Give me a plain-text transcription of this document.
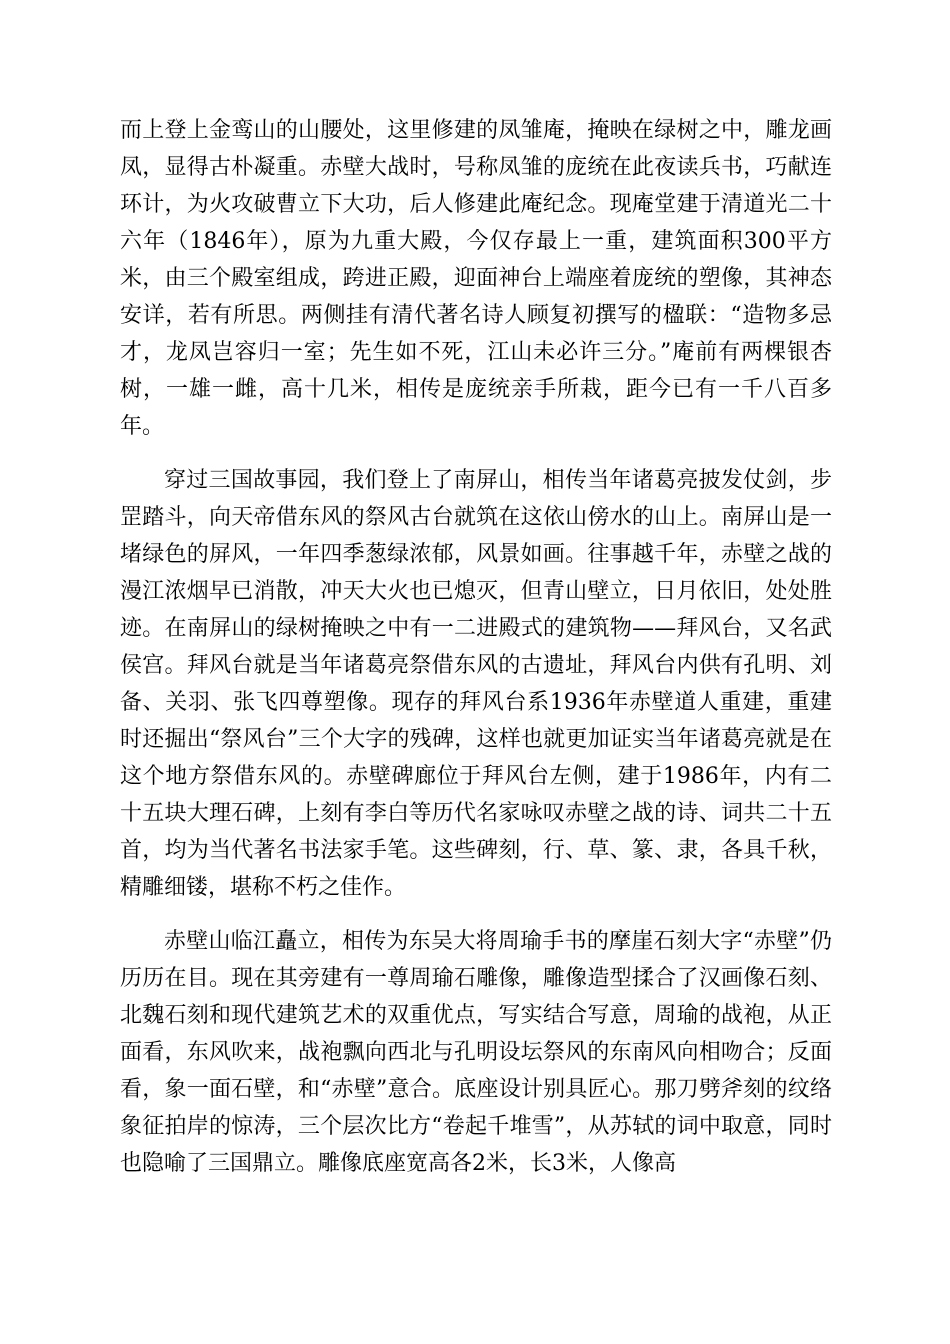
而上登上金鸾山的山腰处，这里修建的凤雏庵，掩映在绿树之中，雕龙画凤，显得古朴凝重。赤壁大战时，号称凤雏的庞统在此夜读兵书，巧献连环计，为火攻破曹立下大功，后人修建此庵纪念。现庵堂建于清道光二十六年（1846年），原为九重大殿，今仅存最上一重，建筑面积300平方米，由三个殿室组成，跨进正殿，迎面神台上端座着庞统的塑像，其神态安详，若有所思。两侧挂有清代著名诗人顾复初撰写的楹联：“造物多忌才，龙凤岂容归一室；先生如不死，江山未必许三分。”庵前有两棵银杏树，一雄一雌，高十几米，相传是庞统亲手所栽，距今已有一千八百多年。

穿过三国故事园，我们登上了南屏山，相传当年诸葛亮披发仗剑，步罡踏斗，向天帝借东风的祭风古台就筑在这依山傍水的山上。南屏山是一堵绿色的屏风，一年四季葱绿浓郁，风景如画。往事越千年，赤壁之战的漫江浓烟早已消散，冲天大火也已熄灭，但青山壁立，日月依旧，处处胜迹。在南屏山的绿树掩映之中有一二进殿式的建筑物——拜风台，又名武侯宫。拜风台就是当年诸葛亮祭借东风的古遗址，拜风台内供有孔明、刘备、关羽、张飞四尊塑像。现存的拜风台系1936年赤壁道人重建，重建时还掘出“祭风台”三个大字的残碑，这样也就更加证实当年诸葛亮就是在这个地方祭借东风的。赤壁碑廊位于拜风台左侧，建于1986年，内有二十五块大理石碑，上刻有李白等历代名家咏叹赤壁之战的诗、词共二十五首，均为当代著名书法家手笔。这些碑刻，行、草、篆、隶，各具千秋，精雕细镂，堪称不朽之佳作。

赤壁山临江矗立，相传为东吴大将周瑜手书的摩崖石刻大字“赤壁”仍历历在目。现在其旁建有一尊周瑜石雕像，雕像造型揉合了汉画像石刻、北魏石刻和现代建筑艺术的双重优点，写实结合写意，周瑜的战袍，从正面看，东风吹来，战袍飘向西北与孔明设坛祭风的东南风向相吻合；反面看，象一面石壁，和“赤壁”意合。底座设计别具匠心。那刀劈斧刻的纹络象征拍岸的惊涛，三个层次比方“卷起千堆雪”，从苏轼的词中取意，同时也隐喻了三国鼎立。雕像底座宽高各2米，长3米，人像高
